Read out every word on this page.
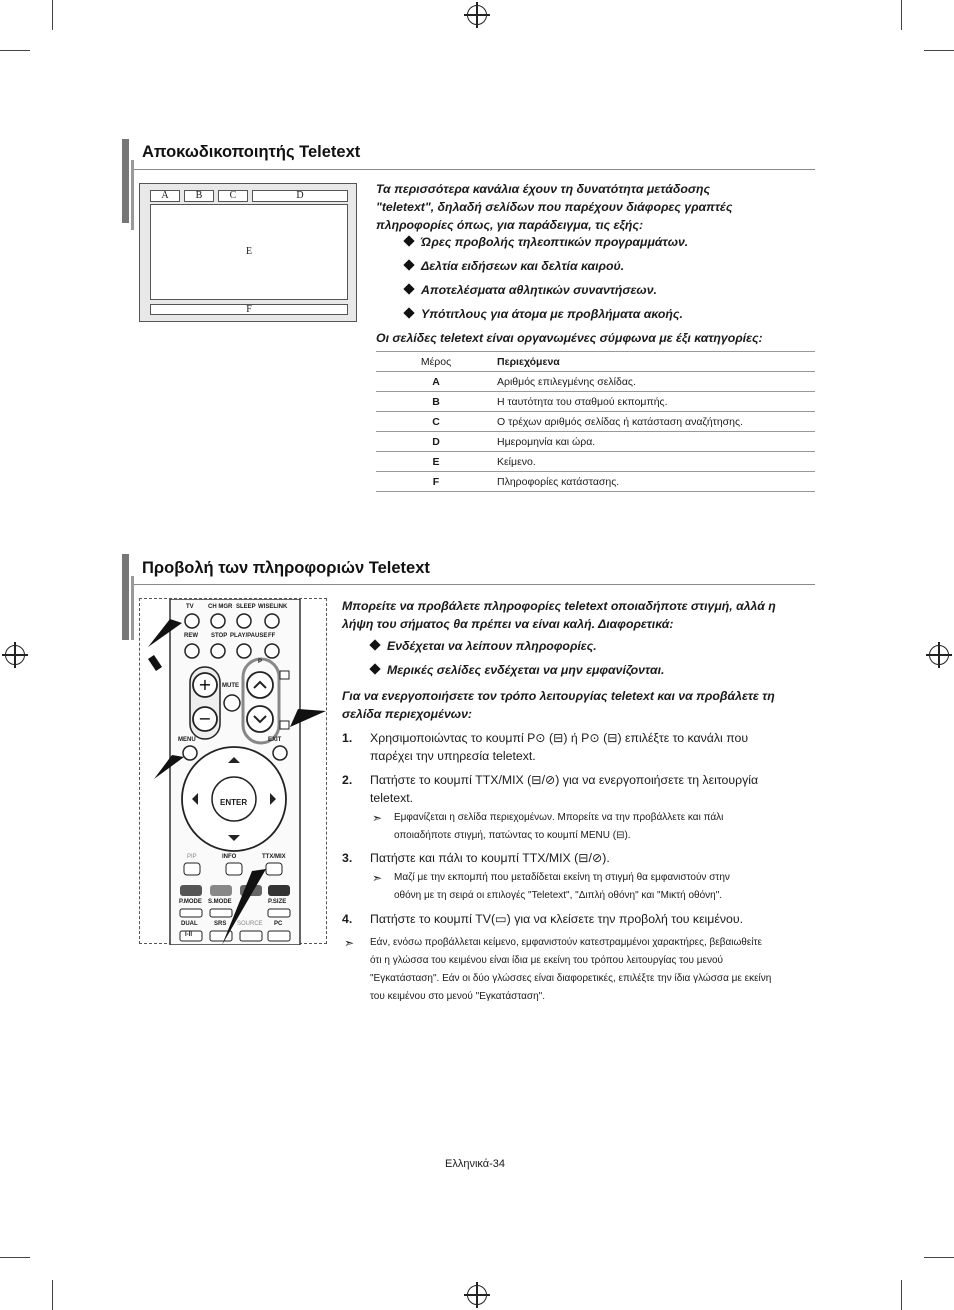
Αποκωδικοποιητής Teletext
A	B	C	D
E
F
Τα περισσότερα κανάλια έχουν τη δυνατότητα μετάδοσης
"teletext", δηλαδή σελίδων που παρέχουν διάφορες γραπτές
πληροφορίες όπως, για παράδειγμα, τις εξής:
Ώρες προβολής τηλεοπτικών προγραμμάτων.
Δελτία ειδήσεων και δελτία καιρού.
Αποτελέσματα αθλητικών συναντήσεων.
Υπότιτλους για άτομα με προβλήματα ακοής.
Οι σελίδες teletext είναι οργανωμένες σύμφωνα με έξι κατηγορίες:
Μέρος	Περιεχόμενα
A	Αριθμός επιλεγμένης σελίδας.
B	Η ταυτότητα του σταθμού εκπομπής.
C	Ο τρέχων αριθμός σελίδας ή κατάσταση αναζήτησης.
D	Ημερομηνία και ώρα.
E	Κείμενο.
F	Πληροφορίες κατάστασης.
Προβολή των πληροφοριών Teletext
+
−
TV CH MGR SLEEP WISELINK
REW STOP PLAY/PAUSE FF
P
MUTE
MENU	EXIT
ENTER
PIP	INFO	TTX/MIX
P.MODE S.MODE	P.SIZE
DUAL	SRS SOURCE PC
I-II
Μπορείτε να προβάλετε πληροφορίες teletext οποιαδήποτε στιγμή, αλλά η
λήψη του σήματος θα πρέπει να είναι καλή. Διαφορετικά:
Ενδέχεται να λείπουν πληροφορίες.
Μερικές σελίδες ενδέχεται να μην εμφανίζονται.
Για να ενεργοποιήσετε τον τρόπο λειτουργίας teletext και να προβάλετε τη
σελίδα περιεχομένων:
1. Χρησιμοποιώντας το κουμπί P⊙ (⊟) ή P⊙ (⊟) επιλέξτε το κανάλι που
παρέχει την υπηρεσία teletext.
2. Πατήστε το κουμπί TTX/MIX (⊟/⊘) για να ενεργοποιήσετε τη λειτουργία
teletext.
➣ Εμφανίζεται η σελίδα περιεχομένων. Μπορείτε να την προβάλλετε και πάλι
οποιαδήποτε στιγμή, πατώντας το κουμπί MENU (⊟).
3. Πατήστε και πάλι το κουμπί TTX/MIX (⊟/⊘).
➣ Μαζί με την εκπομπή που μεταδίδεται εκείνη τη στιγμή θα εμφανιστούν στην
οθόνη με τη σειρά οι επιλογές "Teletext", "Διπλή οθόνη" και "Μικτή οθόνη".
4. Πατήστε το κουμπί TV(▭) για να κλείσετε την προβολή του κειμένου.
➣ Εάν, ενόσω προβάλλεται κείμενο, εμφανιστούν κατεστραμμένοι χαρακτήρες, βεβαιωθείτε
ότι η γλώσσα του κειμένου είναι ίδια με εκείνη του τρόπου λειτουργίας του μενού
"Εγκατάσταση". Εάν οι δύο γλώσσες είναι διαφορετικές, επιλέξτε την ίδια γλώσσα με εκείνη
του κειμένου στο μενού "Εγκατάσταση".
Ελληνικά-34
